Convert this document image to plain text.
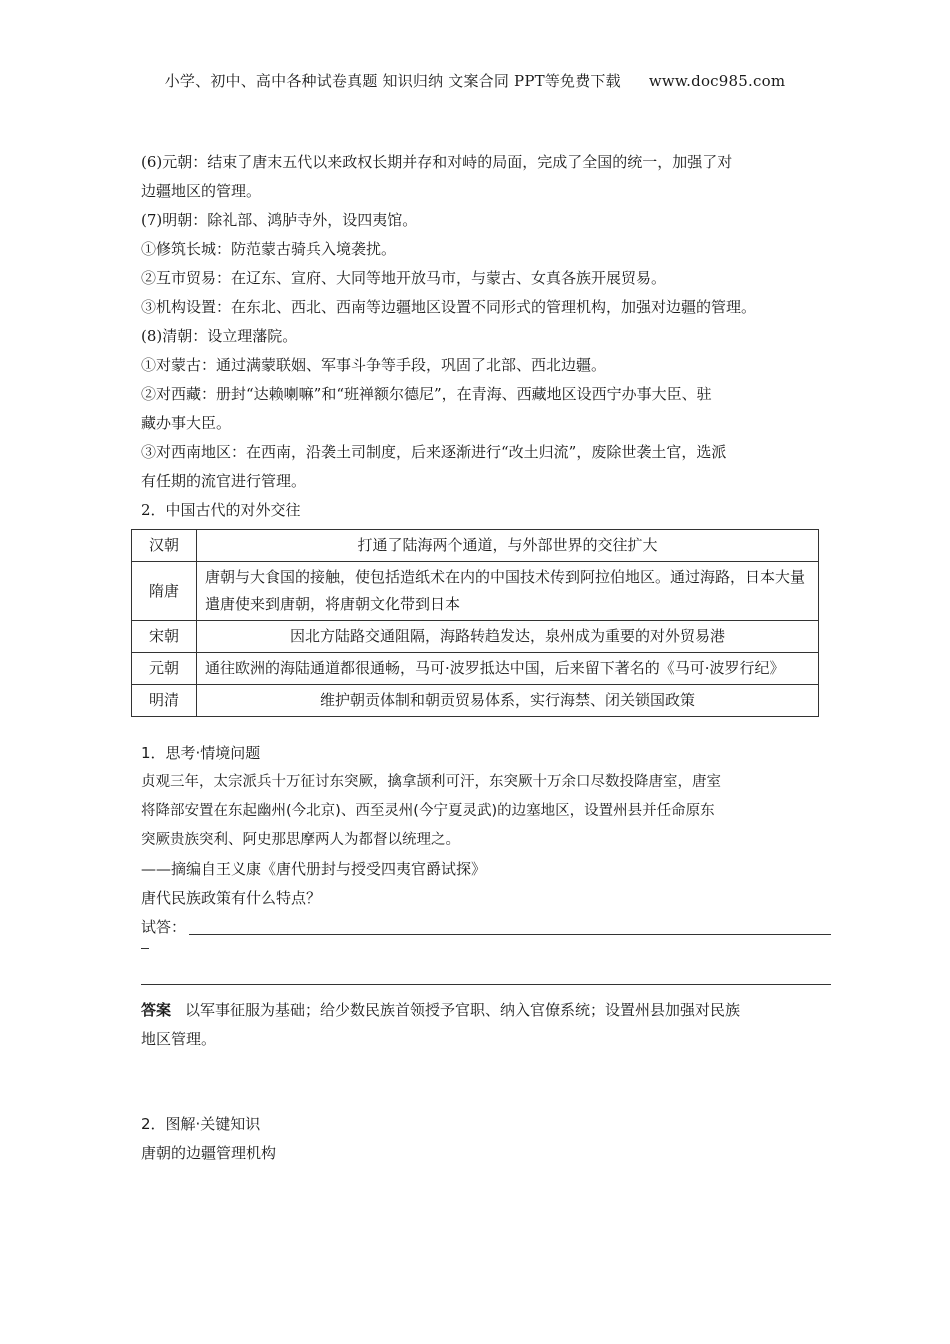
小学、初中、高中各种试卷真题 知识归纳 文案合同 PPT等免费下载 www.doc985.com
(6)元朝：结束了唐末五代以来政权长期并存和对峙的局面，完成了全国的统一，加强了对
边疆地区的管理。
(7)明朝：除礼部、鸿胪寺外，设四夷馆。
①修筑长城：防范蒙古骑兵入境袭扰。
②互市贸易：在辽东、宣府、大同等地开放马市，与蒙古、女真各族开展贸易。
③机构设置：在东北、西北、西南等边疆地区设置不同形式的管理机构，加强对边疆的管理。
(8)清朝：设立理藩院。
①对蒙古：通过满蒙联姻、军事斗争等手段，巩固了北部、西北边疆。
②对西藏：册封“达赖喇嘛”和“班禅额尔德尼”，在青海、西藏地区设西宁办事大臣、驻
藏办事大臣。
③对西南地区：在西南，沿袭土司制度，后来逐渐进行“改土归流”，废除世袭土官，选派
有任期的流官进行管理。
2．中国古代的对外交往
汉朝	打通了陆海两个通道，与外部世界的交往扩大
隋唐	唐朝与大食国的接触，使包括造纸术在内的中国技术传到阿拉伯地区。通过海路，日本大量遣唐使来到唐朝，将唐朝文化带到日本
宋朝	因北方陆路交通阻隔，海路转趋发达，泉州成为重要的对外贸易港
元朝	通往欧洲的海陆通道都很通畅，马可·波罗抵达中国，后来留下著名的《马可·波罗行纪》
明清	维护朝贡体制和朝贡贸易体系，实行海禁、闭关锁国政策
1．思考·情境问题
贞观三年，太宗派兵十万征讨东突厥，擒拿颉利可汗，东突厥十万余口尽数投降唐室，唐室
将降部安置在东起幽州(今北京)、西至灵州(今宁夏灵武)的边塞地区，设置州县并任命原东
突厥贵族突利、阿史那思摩两人为都督以统理之。
——摘编自王义康《唐代册封与授受四夷官爵试探》
唐代民族政策有什么特点？
试答：
答案 以军事征服为基础；给少数民族首领授予官职、纳入官僚系统；设置州县加强对民族
地区管理。
2．图解·关键知识
唐朝的边疆管理机构
